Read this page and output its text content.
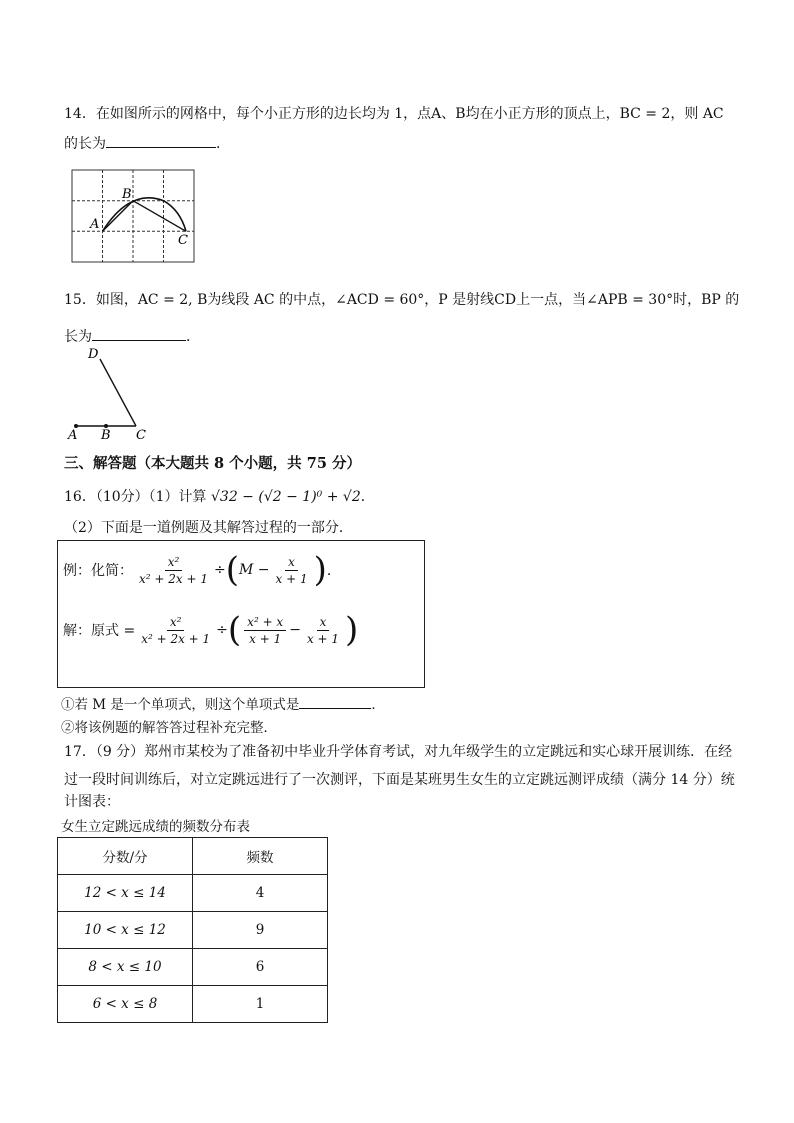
14．在如图所示的网格中，每个小正方形的边长均为 1，点A、B均在小正方形的顶点上，BC = 2，则 AC
的长为	．
A
B
C
15．如图，AC = 2, B为线段 AC 的中点，∠ACD = 60°，P 是射线CD上一点，当∠APB = 30°时，BP 的
长为	．
D
A B C
三、解答题（本大题共 8 个小题，共 75 分）
16．（10分）（1）计算 √32 − (√2 − 1)⁰ + √2．
（2）下面是一道例题及其解答过程的一部分．
例：化简： $\frac{\text{x²}}{\text{x² + 2x + 1}}$ ÷ ( $M - \frac{x}{x + 1}$ ) ．
解：原式 = $\frac{\text{x²}}{\text{x² + 2x + 1}}$ ÷ ( $\frac{\text{x² + x}}{x + 1} - \frac{x}{x + 1}$ )
①若 M 是一个单项式，则这个单项式是	．
②将该例题的解答答过程补充完整．
17．（9 分）郑州市某校为了准备初中毕业升学体育考试，对九年级学生的立定跳远和实心球开展训练．在经
过一段时间训练后，对立定跳远进行了一次测评，下面是某班男生女生的立定跳远测评成绩（满分 14 分）统
计图表：
女生立定跳远成绩的频数分布表
分数/分	频数
12 < x ≤ 14	4
10 < x ≤ 12	9
8 < x ≤ 10	6
6 < x ≤ 8	1
